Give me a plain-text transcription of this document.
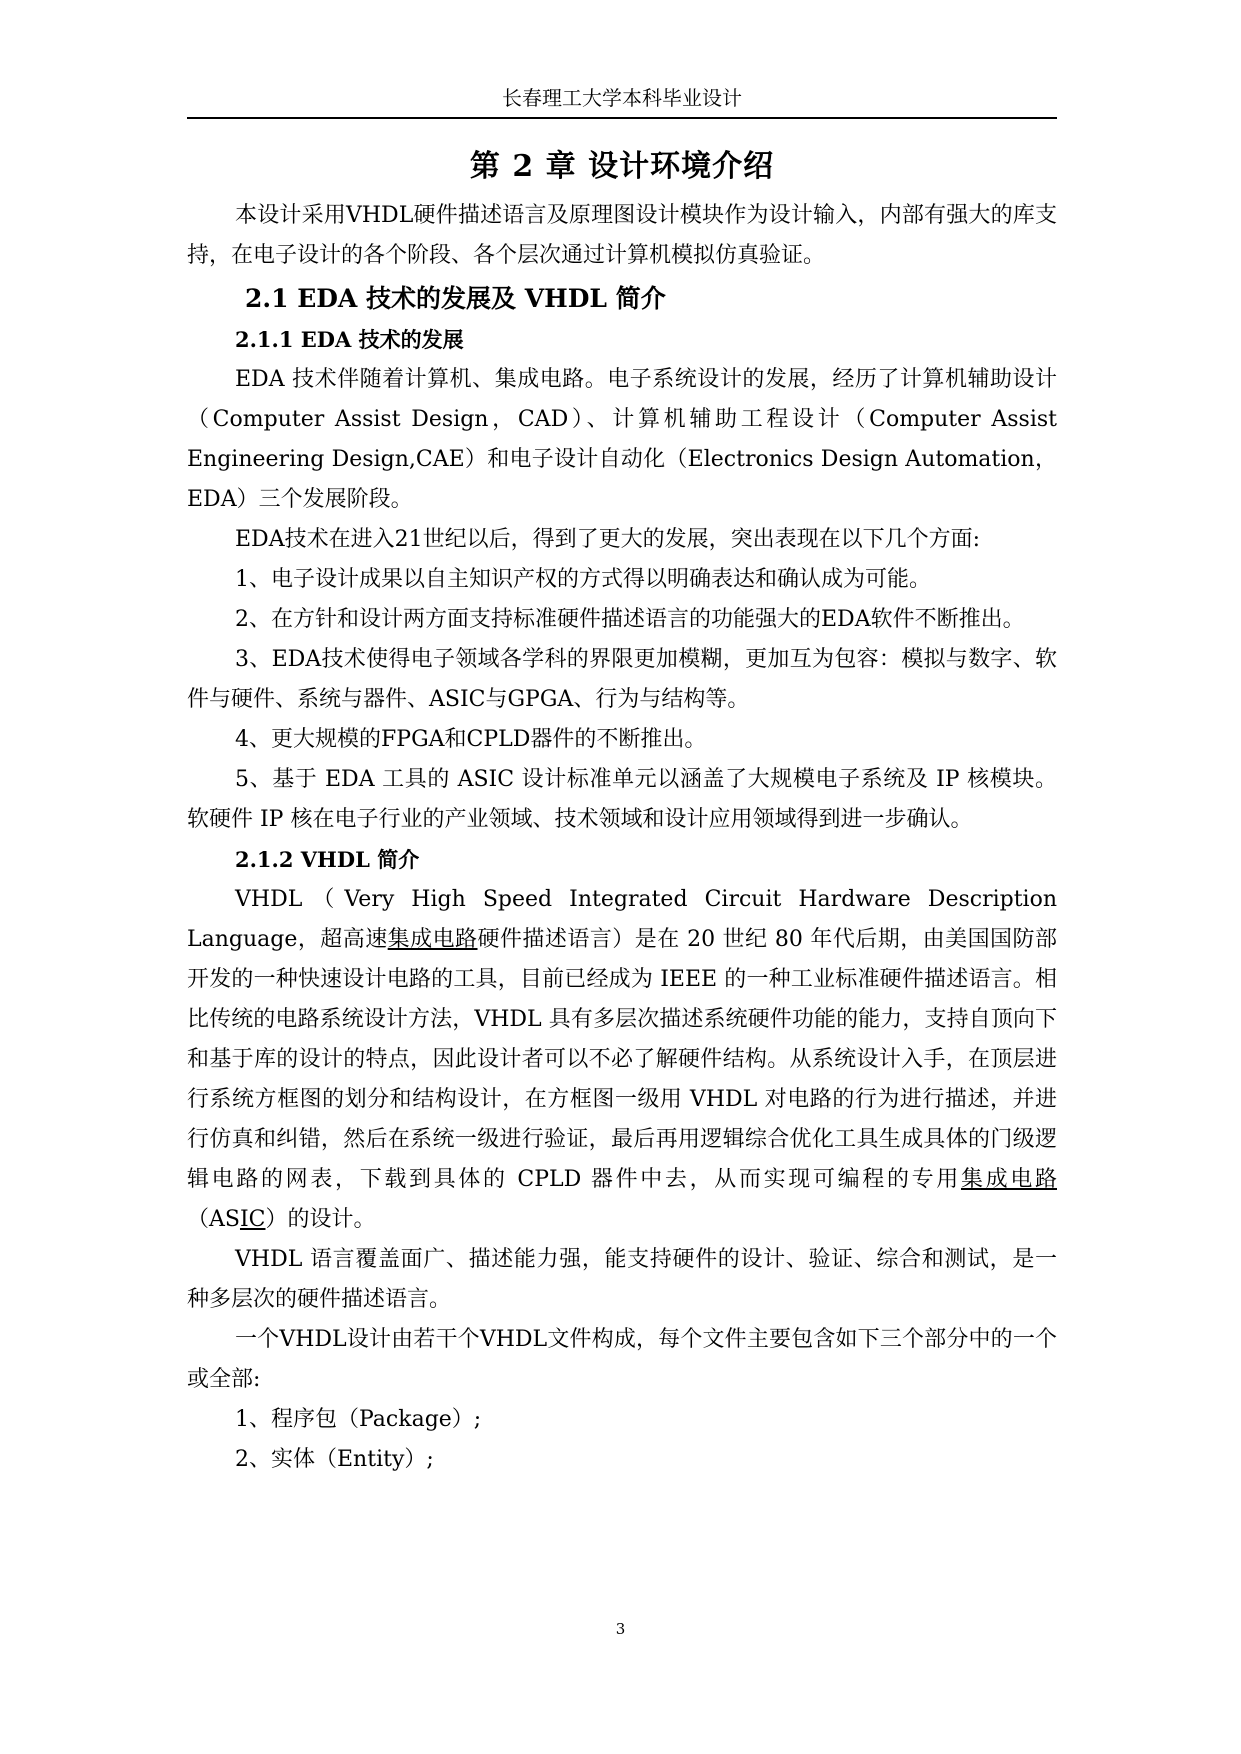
长春理工大学本科毕业设计
第 2 章 设计环境介绍

本设计采用VHDL硬件描述语言及原理图设计模块作为设计输入，内部有强大的库支持，在电子设计的各个阶段、各个层次通过计算机模拟仿真验证。

2.1 EDA 技术的发展及 VHDL 简介
2.1.1 EDA 技术的发展

EDA 技术伴随着计算机、集成电路。电子系统设计的发展，经历了计算机辅助设计（Computer Assist Design，CAD）、计算机辅助工程设计（Computer Assist Engineering Design,CAE）和电子设计自动化（Electronics Design Automation，EDA）三个发展阶段。

EDA技术在进入21世纪以后，得到了更大的发展，突出表现在以下几个方面:

1、电子设计成果以自主知识产权的方式得以明确表达和确认成为可能。

2、在方针和设计两方面支持标准硬件描述语言的功能强大的EDA软件不断推出。

3、EDA技术使得电子领域各学科的界限更加模糊，更加互为包容：模拟与数字、软件与硬件、系统与器件、ASIC与GPGA、行为与结构等。

4、更大规模的FPGA和CPLD器件的不断推出。

5、基于 EDA 工具的 ASIC 设计标准单元以涵盖了大规模电子系统及 IP 核模块。软硬件 IP 核在电子行业的产业领域、技术领域和设计应用领域得到进一步确认。

2.1.2 VHDL 简介

VHDL（Very High Speed Integrated Circuit Hardware Description Language，超高速集成电路硬件描述语言）是在 20 世纪 80 年代后期，由美国国防部开发的一种快速设计电路的工具，目前已经成为 IEEE 的一种工业标准硬件描述语言。相比传统的电路系统设计方法，VHDL 具有多层次描述系统硬件功能的能力，支持自顶向下和基于库的设计的特点，因此设计者可以不必了解硬件结构。从系统设计入手，在顶层进行系统方框图的划分和结构设计，在方框图一级用 VHDL 对电路的行为进行描述，并进行仿真和纠错，然后在系统一级进行验证，最后再用逻辑综合优化工具生成具体的门级逻辑电路的网表，下载到具体的 CPLD 器件中去，从而实现可编程的专用集成电路（ASIC）的设计。

VHDL 语言覆盖面广、描述能力强，能支持硬件的设计、验证、综合和测试，是一种多层次的硬件描述语言。

一个VHDL设计由若干个VHDL文件构成，每个文件主要包含如下三个部分中的一个或全部:

1、程序包（Package）;

2、实体（Entity）;

3
